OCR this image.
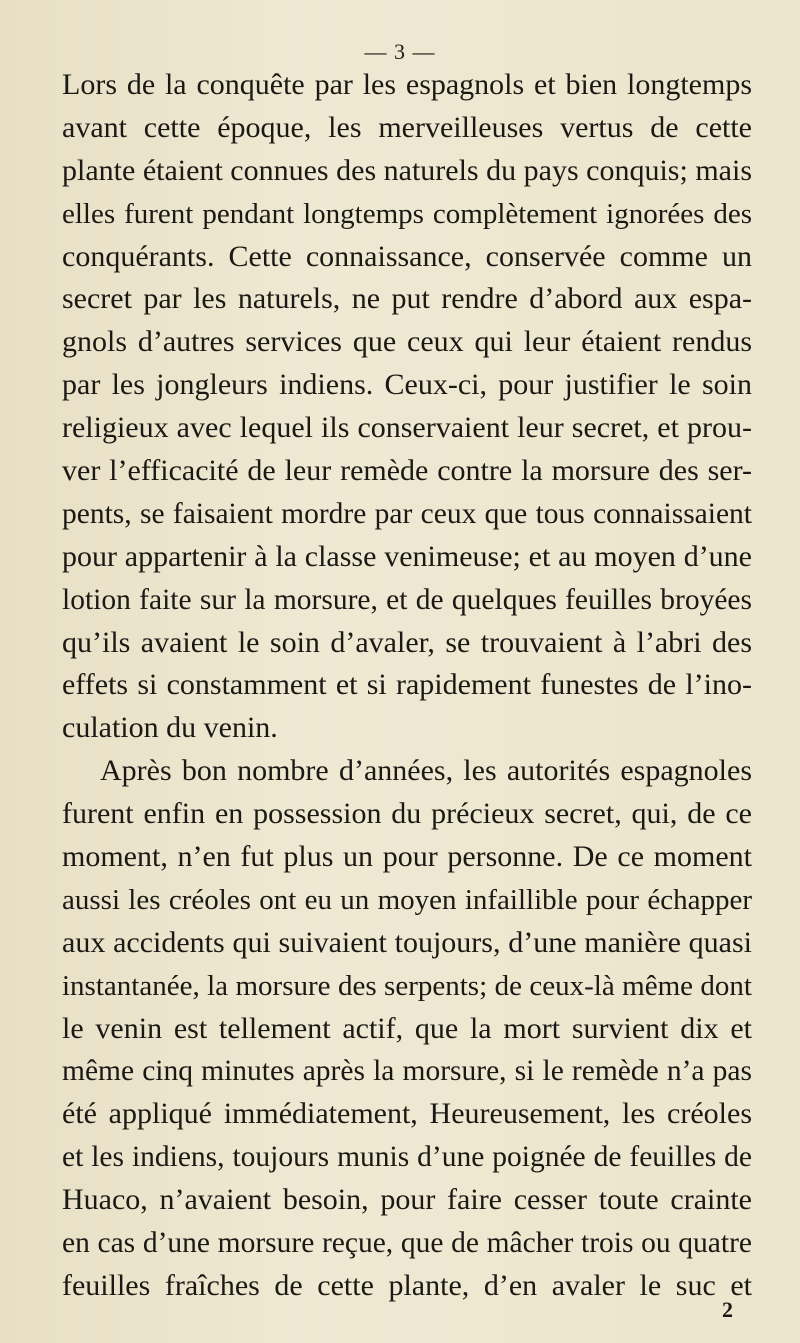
— 3 —
Lors de la conquête par les espagnols et bien longtemps
avant cette époque, les merveilleuses vertus de cette
plante étaient connues des naturels du pays conquis; mais
elles furent pendant longtemps complètement ignorées des
conquérants. Cette connaissance, conservée comme un
secret par les naturels, ne put rendre d’abord aux espa-
gnols d’autres services que ceux qui leur étaient rendus
par les jongleurs indiens. Ceux-ci, pour justifier le soin
religieux avec lequel ils conservaient leur secret, et prou-
ver l’efficacité de leur remède contre la morsure des ser-
pents, se faisaient mordre par ceux que tous connaissaient
pour appartenir à la classe venimeuse; et au moyen d’une
lotion faite sur la morsure, et de quelques feuilles broyées
qu’ils avaient le soin d’avaler, se trouvaient à l’abri des
effets si constamment et si rapidement funestes de l’ino-
culation du venin.
Après bon nombre d’années, les autorités espagnoles
furent enfin en possession du précieux secret, qui, de ce
moment, n’en fut plus un pour personne. De ce moment
aussi les créoles ont eu un moyen infaillible pour échapper
aux accidents qui suivaient toujours, d’une manière quasi
instantanée, la morsure des serpents; de ceux-là même dont
le venin est tellement actif, que la mort survient dix et
même cinq minutes après la morsure, si le remède n’a pas
été appliqué immédiatement, Heureusement, les créoles
et les indiens, toujours munis d’une poignée de feuilles de
Huaco, n’avaient besoin, pour faire cesser toute crainte
en cas d’une morsure reçue, que de mâcher trois ou quatre
feuilles fraîches de cette plante, d’en avaler le suc et
2
